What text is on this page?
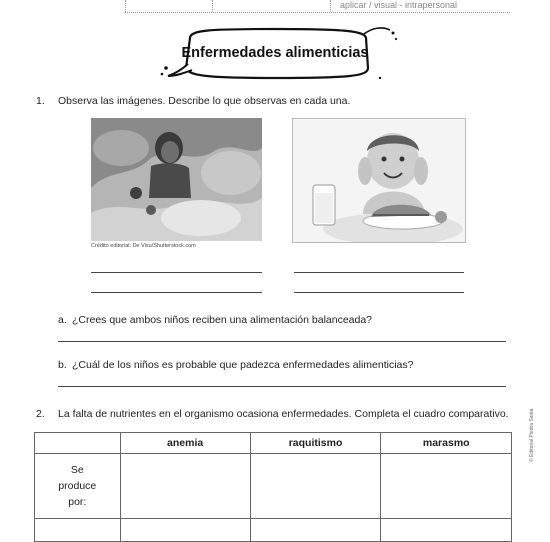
aplicar / visual - intrapersonal
Enfermedades alimenticias
1. Observa las imágenes. Describe lo que observas en cada una.
Crédito editorial: De Visu/Shutterstock.com
a. ¿Crees que ambos niños reciben una alimentación balanceada?
b. ¿Cuál de los niños es probable que padezca enfermedades alimenticias?
2. La falta de nutrientes en el organismo ocasiona enfermedades. Completa el cuadro comparativo.
	anemia	raquitismo	marasmo
Se produce por:			

© Editorial Piedra Santa
